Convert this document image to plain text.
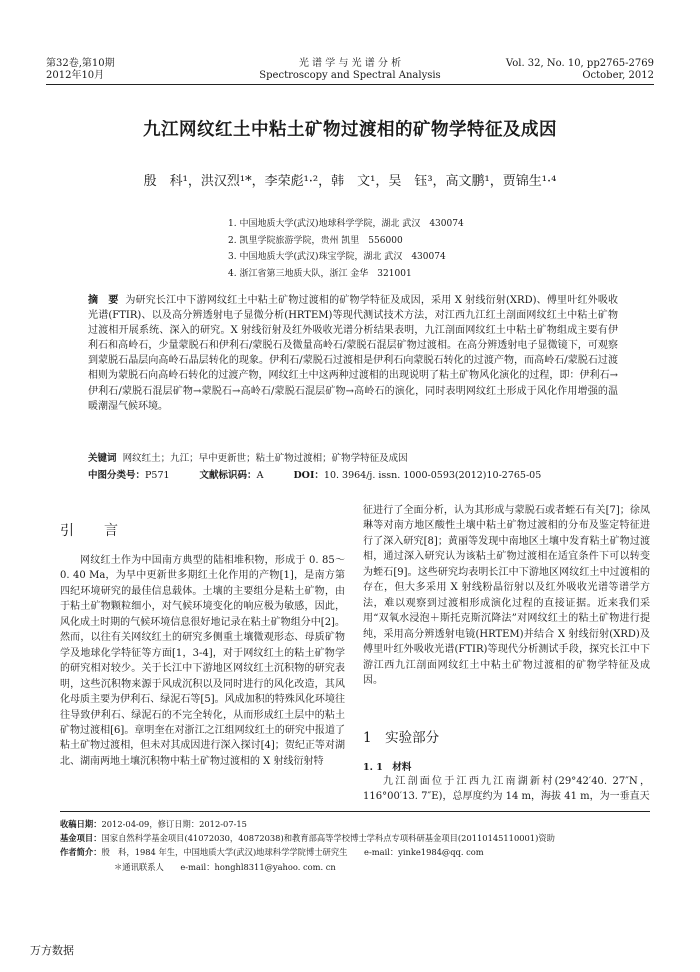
第32卷,第10期
2012年10月
光 谱 学 与 光 谱 分 析
Spectroscopy and Spectral Analysis
Vol. 32, No. 10, pp2765-2769
October, 2012
九江网纹红土中粘土矿物过渡相的矿物学特征及成因
殷　科¹，洪汉烈¹*，李荣彪¹·²，韩　文¹，吴　钰³，高文鹏¹，贾锦生¹·⁴
1. 中国地质大学(武汉)地球科学学院，湖北 武汉　430074
2. 凯里学院旅游学院，贵州 凯里　556000
3. 中国地质大学(武汉)珠宝学院，湖北 武汉　430074
4. 浙江省第三地质大队，浙江 金华　321001
摘　要 为研究长江中下游网纹红土中粘土矿物过渡相的矿物学特征及成因，采用 X 射线衍射(XRD)、傅里叶红外吸收光谱(FTIR)、以及高分辨透射电子显微分析(HRTEM)等现代测试技术方法，对江西九江红土剖面网纹红土中粘土矿物过渡相开展系统、深入的研究。X 射线衍射及红外吸收光谱分析结果表明，九江剖面网纹红土中粘土矿物组成主要有伊利石和高岭石，少量蒙脱石和伊利石/蒙脱石及微量高岭石/蒙脱石混层矿物过渡相。在高分辨透射电子显微镜下，可观察到蒙脱石晶层向高岭石晶层转化的现象。伊利石/蒙脱石过渡相是伊利石向蒙脱石转化的过渡产物，而高岭石/蒙脱石过渡相则为蒙脱石向高岭石转化的过渡产物，网纹红土中这两种过渡相的出现说明了粘土矿物风化演化的过程，即：伊利石→伊利石/蒙脱石混层矿物→蒙脱石→高岭石/蒙脱石混层矿物→高岭石的演化，同时表明网纹红土形成于风化作用增强的温暖潮湿气候环境。
关键词 网纹红土；九江；早中更新世；粘土矿物过渡相；矿物学特征及成因
中图分类号：P571	文献标识码：A	DOI：10. 3964/j. issn. 1000-0593(2012)10-2765-05
引　言
网纹红土作为中国南方典型的陆相堆积物，形成于 0. 85～0. 40 Ma，为早中更新世多期红土化作用的产物[1]，是南方第四纪环境研究的最佳信息载体。土壤的主要组分是粘土矿物，由于粘土矿物颗粒细小，对气候环境变化的响应极为敏感，因此，风化成土时期的气候环境信息很好地记录在粘土矿物组分中[2]。然而，以往有关网纹红土的研究多侧重土壤微观形态、母质矿物学及地球化学特征等方面[1，3-4]，对于网纹红土的粘土矿物学的研究相对较少。关于长江中下游地区网纹红土沉积物的研究表明，这些沉积物来源于风成沉积以及同时进行的风化改造，其风化母质主要为伊利石、绿泥石等[5]。风成加积的特殊风化环境往往导致伊利石、绿泥石的不完全转化，从而形成红土层中的粘土矿物过渡相[6]。章明奎在对浙江之江组网纹红土的研究中报道了粘土矿物过渡相，但未对其成因进行深入探讨[4]；贺纪正等对湖北、湖南两地土壤沉积物中粘土矿物过渡相的 X 射线衍射特
征进行了全面分析，认为其形成与蒙脱石或者蛭石有关[7]；徐凤琳等对南方地区酸性土壤中粘土矿物过渡相的分布及鉴定特征进行了深入研究[8]；黄丽等发现中南地区土壤中发育粘土矿物过渡相，通过深入研究认为该粘土矿物过渡相在适宜条件下可以转变为蛭石[9]。这些研究均表明长江中下游地区网纹红土中过渡相的存在，但大多采用 X 射线粉晶衍射以及红外吸收光谱等谱学方法，难以观察到过渡相形成演化过程的直接证据。近来我们采用“双氧水浸泡＋斯托克斯沉降法”对网纹红土的粘土矿物进行提纯，采用高分辨透射电镜(HRTEM)并结合 X 射线衍射(XRD)及傅里叶红外吸收光谱(FTIR)等现代分析测试手段，探究长江中下游江西九江剖面网纹红土中粘土矿物过渡相的矿物学特征及成因。
1　实验部分
1. 1　材料
九江剖面位于江西九江南湖新村(29°42′40. 27″N，116°00′13. 7″E)，总厚度约为 14 m，海拔 41 m，为一垂直天
收稿日期：2012-04-09，修订日期：2012-07-15
基金项目：国家自然科学基金项目(41072030，40872038)和教育部高等学校博士学科点专项科研基金项目(20110145110001)资助
作者简介：殷　科，1984 年生，中国地质大学(武汉)地球科学学院博士研究生　　e-mail：yinke1984@qq. com
＊通讯联系人　　e-mail：honghl8311@yahoo. com. cn
万方数据
